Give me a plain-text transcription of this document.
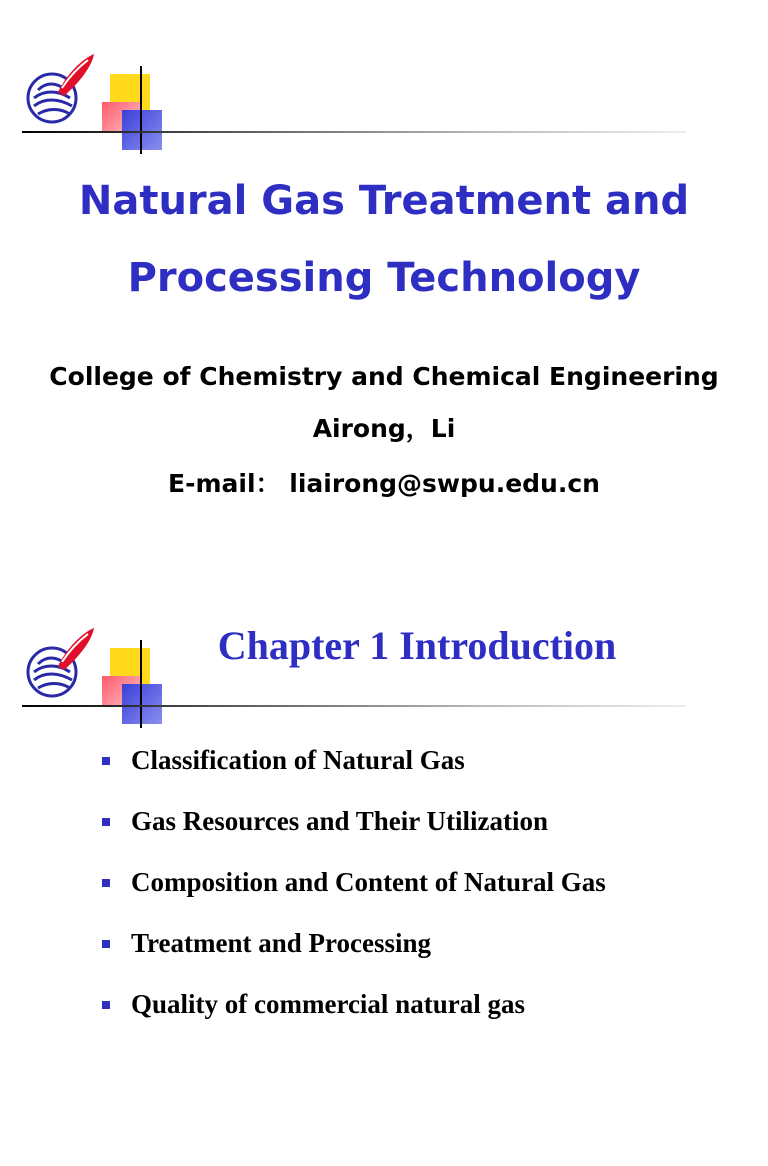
Natural Gas Treatment and
Processing Technology
College of Chemistry and Chemical Engineering
Airong，Li
E-mail： liairong@swpu.edu.cn
Chapter 1 Introduction
Classification of Natural Gas
Gas Resources and Their Utilization
Composition and Content of Natural Gas
Treatment and Processing
Quality of commercial natural gas
